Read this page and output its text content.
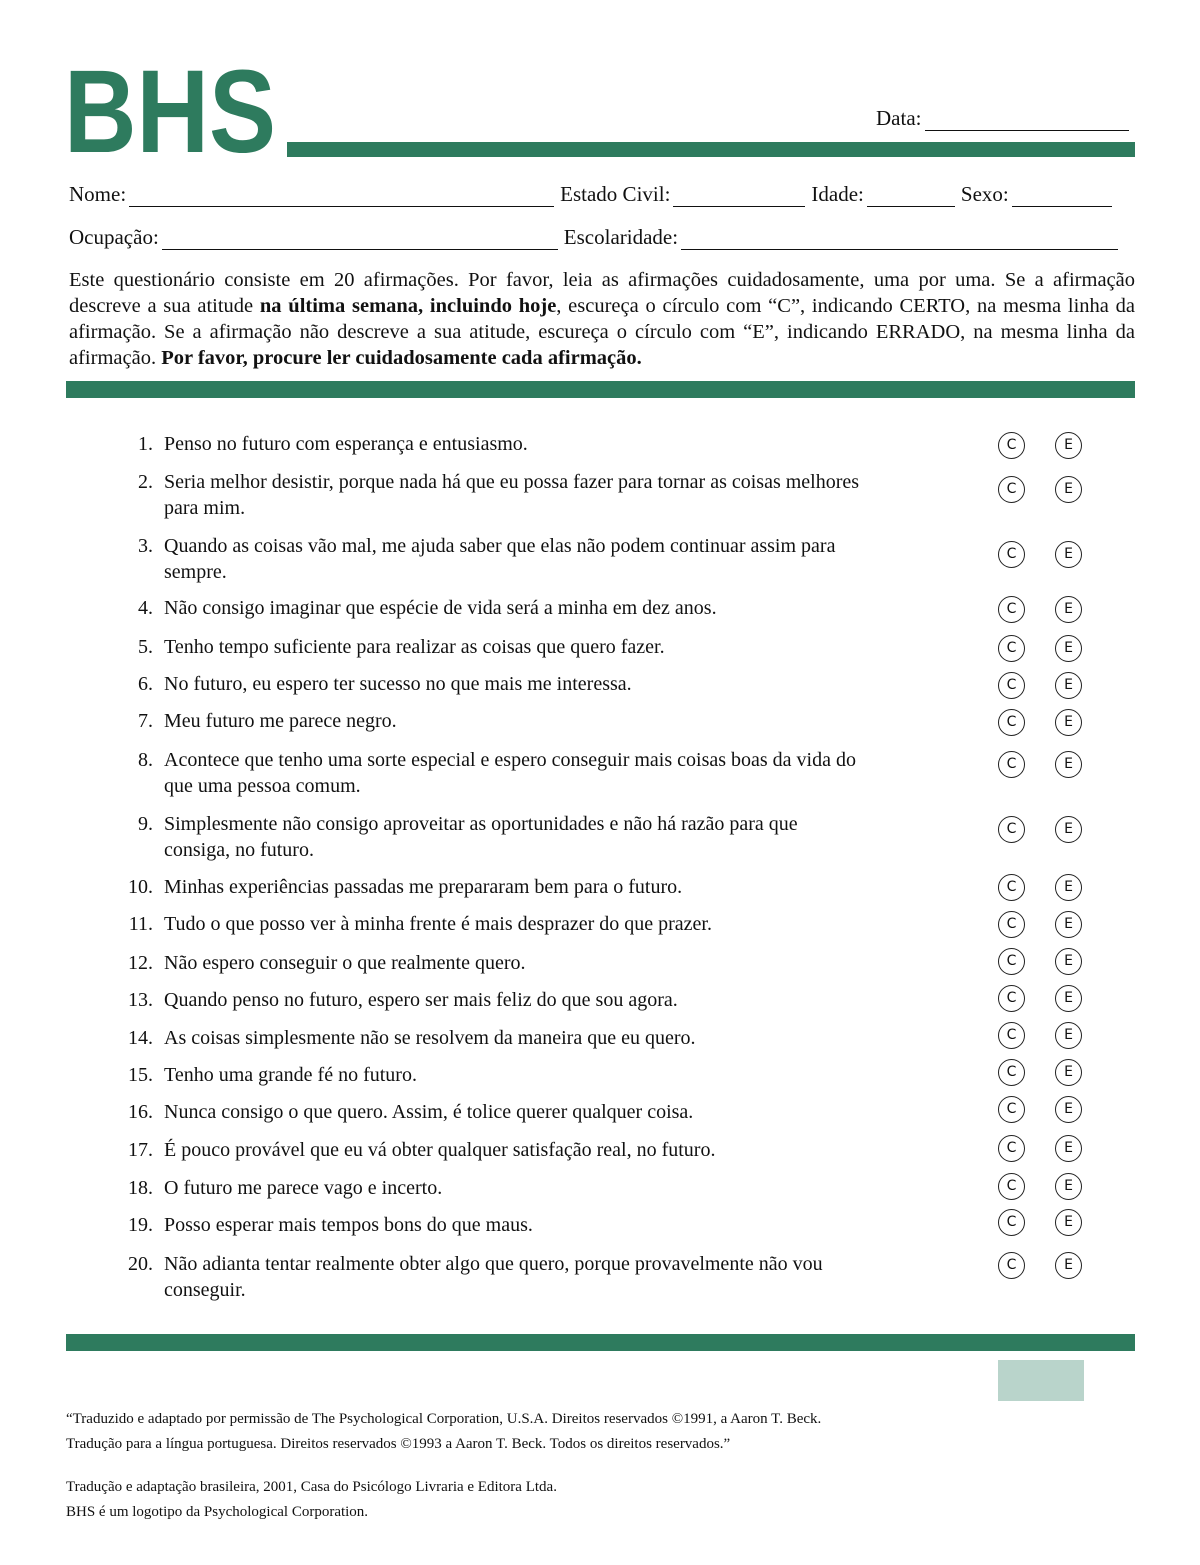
BHS	Data:
Nome:	Estado Civil:	Idade:	Sexo:
Ocupação:	Escolaridade:
Este questionário consiste em 20 afirmações. Por favor, leia as afirmações cuidadosamente, uma por uma. Se a afirmação descreve a sua atitude na última semana, incluindo hoje, escureça o círculo com “C”, indicando CERTO, na mesma linha da afirmação. Se a afirmação não descreve a sua atitude, escureça o círculo com “E”, indicando ERRADO, na mesma linha da afirmação. Por favor, procure ler cuidadosamente cada afirmação.
1. Penso no futuro com esperança e entusiasmo.	C	E
2. Seria melhor desistir, porque nada há que eu possa fazer para tornar as coisas melhores para mim.
C	E
3. Quando as coisas vão mal, me ajuda saber que elas não podem continuar assim para sempre.
C	E
4. Não consigo imaginar que espécie de vida será a minha em dez anos.	C	E
5. Tenho tempo suficiente para realizar as coisas que quero fazer.	C	E
6. No futuro, eu espero ter sucesso no que mais me interessa.	C	E
7. Meu futuro me parece negro.	C	E
8. Acontece que tenho uma sorte especial e espero conseguir mais coisas boas da vida do que uma pessoa comum.
C	E
9. Simplesmente não consigo aproveitar as oportunidades e não há razão para que consiga, no futuro.
C	E
10. Minhas experiências passadas me prepararam bem para o futuro.	C	E
11. Tudo o que posso ver à minha frente é mais desprazer do que prazer.	C	E
12. Não espero conseguir o que realmente quero.	C	E
13. Quando penso no futuro, espero ser mais feliz do que sou agora.	C	E
14. As coisas simplesmente não se resolvem da maneira que eu quero.	C	E
15. Tenho uma grande fé no futuro.	C	E
16. Nunca consigo o que quero. Assim, é tolice querer qualquer coisa.	C	E
17. É pouco provável que eu vá obter qualquer satisfação real, no futuro.	C	E
18. O futuro me parece vago e incerto.	C	E
19. Posso esperar mais tempos bons do que maus.	C	E
20. Não adianta tentar realmente obter algo que quero, porque provavelmente não vou conseguir.
C	E
“Traduzido e adaptado por permissão de The Psychological Corporation, U.S.A. Direitos reservados ©1991, a Aaron T. Beck.
Tradução para a língua portuguesa. Direitos reservados ©1993 a Aaron T. Beck. Todos os direitos reservados.”
Tradução e adaptação brasileira, 2001, Casa do Psicólogo Livraria e Editora Ltda.
BHS é um logotipo da Psychological Corporation.
